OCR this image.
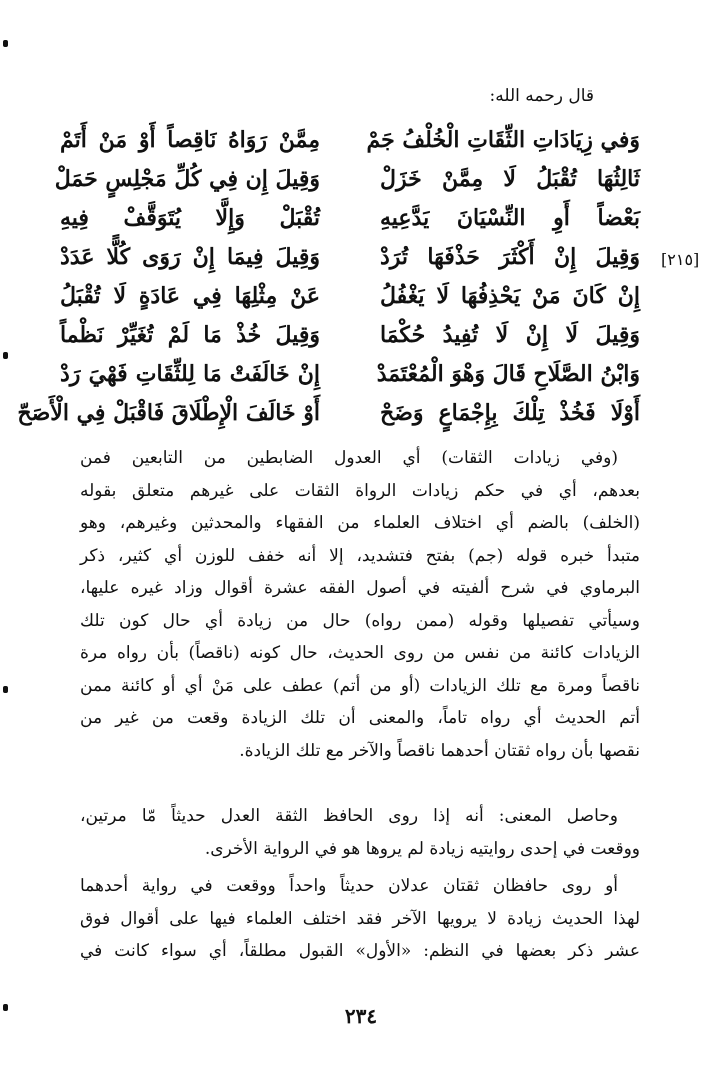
قال رحمه الله:
[٢١٥]
وَفي زِيَادَاتِ الثِّقَاتِ الْخُلْفُ جَمْ
مِمَّنْ رَوَاهُ نَاقِصاً أَوْ مَنْ أَتَمْ
ثَالِثُهَا تُقْبَلُ لَا مِمَّنْ خَزَلْ
وَقِيلَ إِن فِي كُلِّ مَجْلِسٍ حَمَلْ
بَعْضاً أَوِ النِّسْيَانَ يَدَّعِيهِ
تُقْبَلْ وَإِلَّا يُتَوَقَّفْ فِيهِ
وَقِيلَ إِنْ أَكْثَرَ حَذْفَهَا تُرَدْ
وَقِيلَ فِيمَا إِنْ رَوَى كُلًّا عَدَدْ
إِنْ كَانَ مَنْ يَحْذِفُهَا لَا يَغْفُلُ
عَنْ مِثْلِهَا فِي عَادَةٍ لَا تُقْبَلُ
وَقِيلَ لَا إِنْ لَا تُفِيدُ حُكْمَا
وَقِيلَ خُذْ مَا لَمْ تُغَيِّرْ نَظْماً
وَابْنُ الصَّلَاحِ قَالَ وَهْوَ الْمُعْتَمَدْ
إِنْ خَالَفَتْ مَا لِلثِّقَاتِ فَهْيَ رَدْ
أَوْلَا فَخُذْ تِلْكَ بِإِجْمَاعٍ وَضَحْ
أَوْ خَالَفَ الْإِطْلَاقَ فَاقْبَلْ فِي الْأَصَحّ
(وفي زيادات الثقات) أي العدول الضابطين من التابعين فمن
بعدهم، أي في حكم زيادات الرواة الثقات على غيرهم متعلق بقوله
(الخلف) بالضم أي اختلاف العلماء من الفقهاء والمحدثين وغيرهم، وهو
متبدأ خبره قوله (جم) بفتح فتشديد، إلا أنه خفف للوزن أي كثير، ذكر
البرماوي في شرح ألفيته في أصول الفقه عشرة أقوال وزاد غيره عليها،
وسيأتي تفصيلها وقوله (ممن رواه) حال من زيادة أي حال كون تلك
الزيادات كائنة من نفس من روى الحديث، حال كونه (ناقصاً) بأن رواه مرة
ناقصاً ومرة مع تلك الزيادات (أو من أتم) عطف على مَنْ أي أو كائنة ممن
أتم الحديث أي رواه تاماً، والمعنى أن تلك الزيادة وقعت من غير من
نقصها بأن رواه ثقتان أحدهما ناقصاً والآخر مع تلك الزيادة.
وحاصل المعنى: أنه إذا روى الحافظ الثقة العدل حديثاً مّا مرتين،
ووقعت في إحدى روايتيه زيادة لم يروها هو في الرواية الأخرى.
أو روى حافظان ثقتان عدلان حديثاً واحداً ووقعت في رواية أحدهما
لهذا الحديث زيادة لا يرويها الآخر فقد اختلف العلماء فيها على أقوال فوق
عشر ذكر بعضها في النظم: «الأول» القبول مطلقاً، أي سواء كانت في
٢٣٤
